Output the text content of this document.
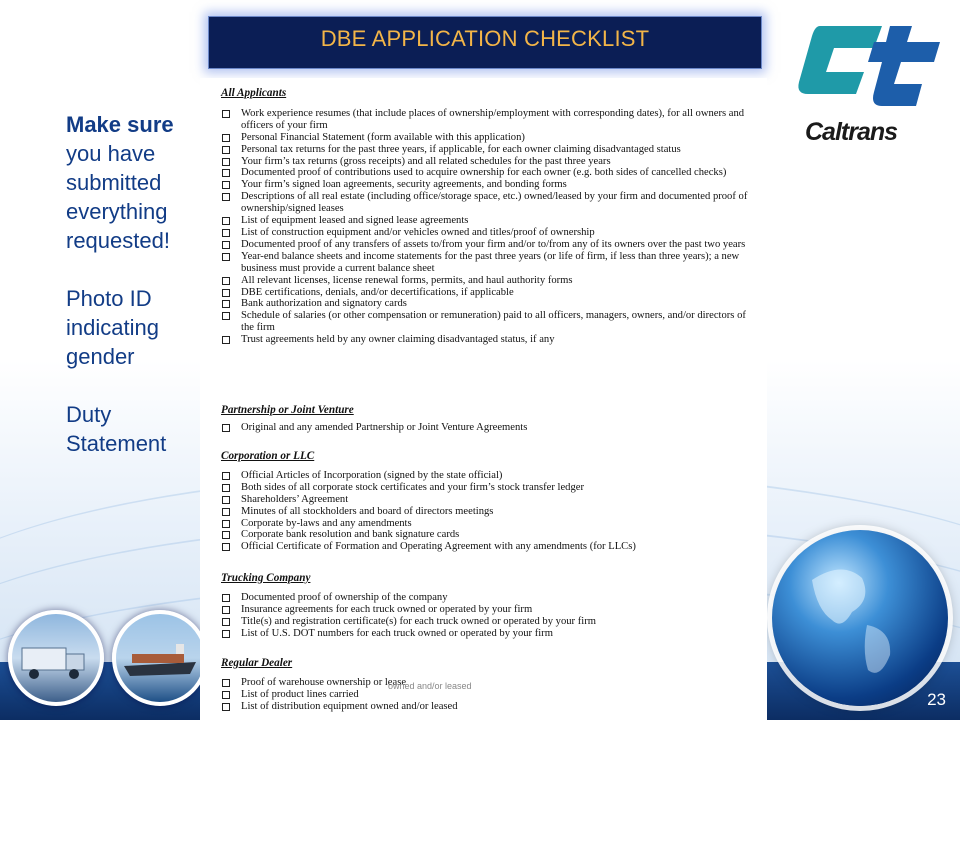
DBE APPLICATION CHECKLIST
Make sure
you have
submitted
everything
requested!
Photo ID
indicating
gender
Duty
Statement
Caltrans
All Applicants
Work experience resumes (that include places of ownership/employment with corresponding dates), for all owners and officers of your firm
Personal Financial Statement (form available with this application)
Personal tax returns for the past three years, if applicable, for each owner claiming disadvantaged status
Your firm’s tax returns (gross receipts) and all related schedules for the past three years
Documented proof of contributions used to acquire ownership for each owner (e.g. both sides of cancelled checks)
Your firm’s signed loan agreements, security agreements, and bonding forms
Descriptions of all real estate (including office/storage space, etc.) owned/leased by your firm and documented proof of ownership/signed leases
List of equipment leased and signed lease agreements
List of construction equipment and/or vehicles owned and titles/proof of ownership
Documented proof of any transfers of assets to/from your firm and/or to/from any of its owners over the past two years
Year-end balance sheets and income statements for the past three years (or life of firm, if less than three years); a new business must provide a current balance sheet
All relevant licenses, license renewal forms, permits, and haul authority forms
DBE certifications, denials, and/or decertifications, if applicable
Bank authorization and signatory cards
Schedule of salaries (or other compensation or remuneration) paid to all officers, managers, owners, and/or directors of the firm
Trust agreements held by any owner claiming disadvantaged status, if any
Partnership or Joint Venture
Original and any amended Partnership or Joint Venture Agreements
Corporation or LLC
Official Articles of Incorporation (signed by the state official)
Both sides of all corporate stock certificates and your firm’s stock transfer ledger
Shareholders’ Agreement
Minutes of all stockholders and board of directors meetings
Corporate by-laws and any amendments
Corporate bank resolution and bank signature cards
Official Certificate of Formation and Operating Agreement with any amendments (for LLCs)
Trucking Company
Documented proof of ownership of the company
Insurance agreements for each truck owned or operated by your firm
Title(s) and registration certificate(s) for each truck owned or operated by your firm
List of U.S. DOT numbers for each truck owned or operated by your firm
Regular Dealer
Proof of warehouse ownership or lease
List of product lines carried
List of distribution equipment owned and/or leased
owned and/or leased
23
